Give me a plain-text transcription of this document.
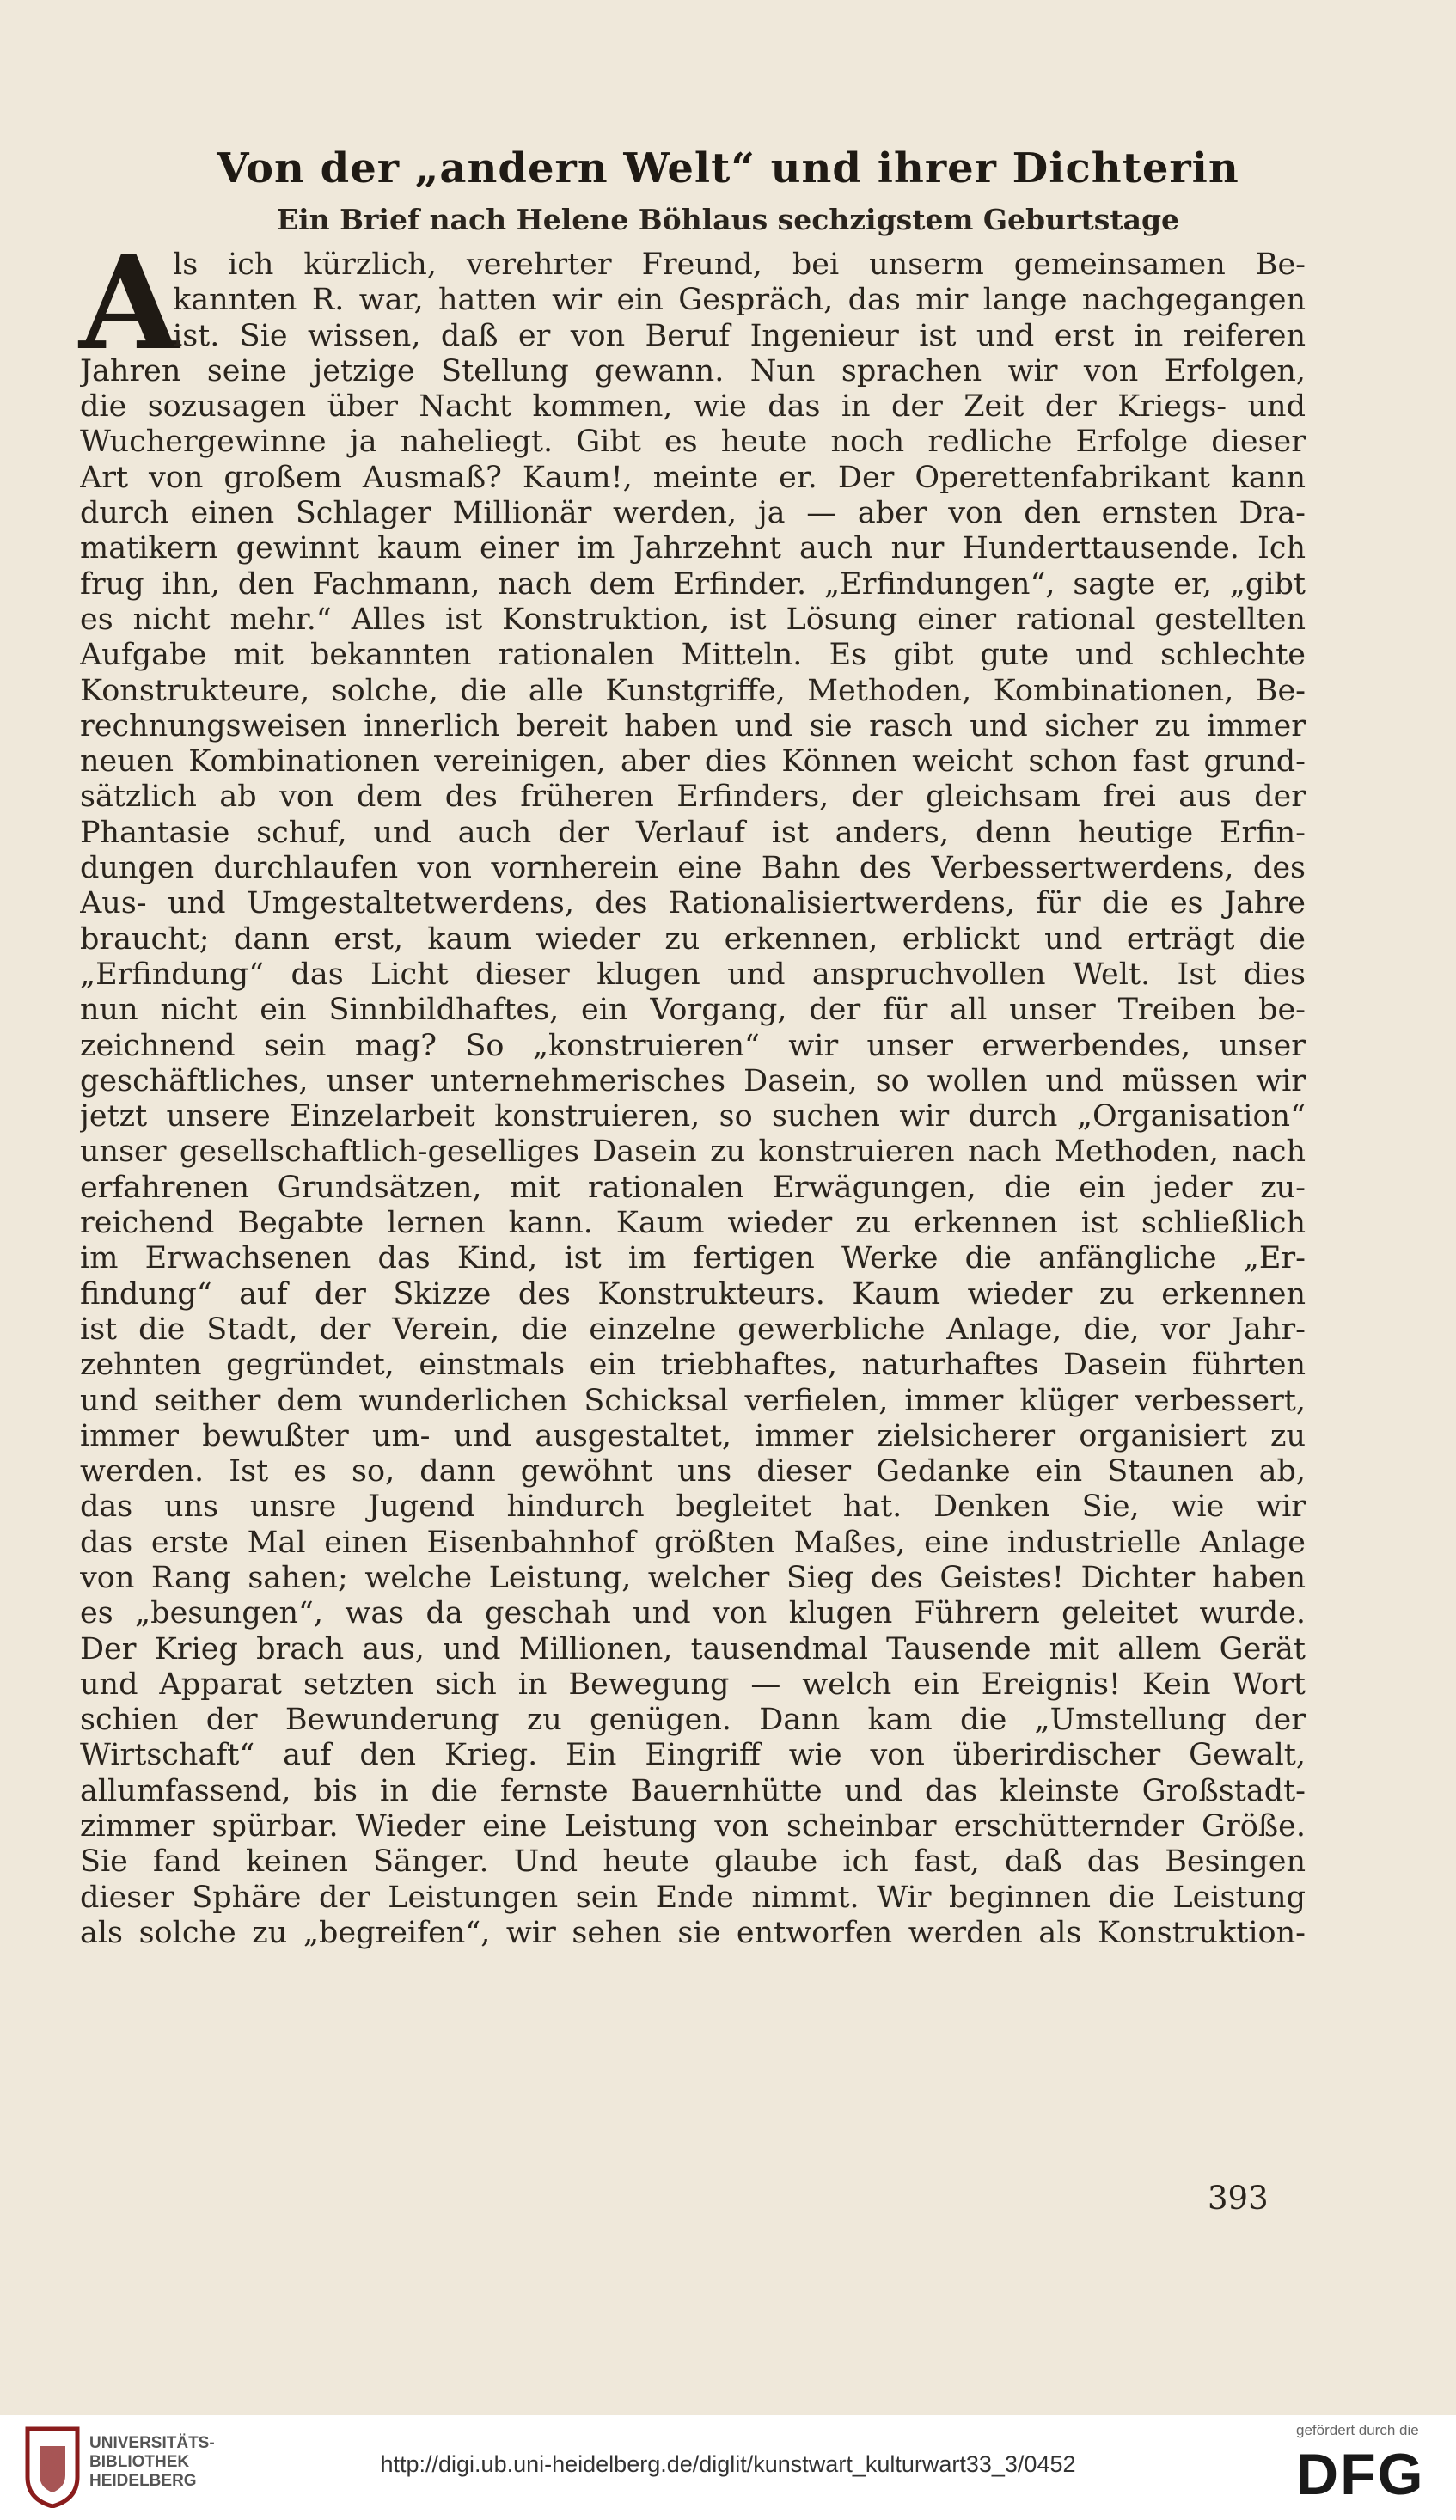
Von der „andern Welt“ und ihrer Dichterin
Ein Brief nach Helene Böhlaus sechzigstem Geburtstage
A
ls ich kürzlich, verehrter Freund, bei unserm gemeinsamen Be-
kannten R. war, hatten wir ein Gespräch, das mir lange nachgegangen
ist. Sie wissen, daß er von Beruf Ingenieur ist und erst in reiferen
Jahren seine jetzige Stellung gewann. Nun sprachen wir von Erfolgen,
die sozusagen über Nacht kommen, wie das in der Zeit der Kriegs- und
Wuchergewinne ja naheliegt. Gibt es heute noch redliche Erfolge dieser
Art von großem Ausmaß? Kaum!, meinte er. Der Operettenfabrikant kann
durch einen Schlager Millionär werden, ja — aber von den ernsten Dra-
matikern gewinnt kaum einer im Jahrzehnt auch nur Hunderttausende. Ich
frug ihn, den Fachmann, nach dem Erfinder. „Erfindungen“, sagte er, „gibt
es nicht mehr.“ Alles ist Konstruktion, ist Lösung einer rational gestellten
Aufgabe mit bekannten rationalen Mitteln. Es gibt gute und schlechte
Konstrukteure, solche, die alle Kunstgriffe, Methoden, Kombinationen, Be-
rechnungsweisen innerlich bereit haben und sie rasch und sicher zu immer
neuen Kombinationen vereinigen, aber dies Können weicht schon fast grund-
sätzlich ab von dem des früheren Erfinders, der gleichsam frei aus der
Phantasie schuf, und auch der Verlauf ist anders, denn heutige Erfin-
dungen durchlaufen von vornherein eine Bahn des Verbessertwerdens, des
Aus- und Umgestaltetwerdens, des Rationalisiertwerdens, für die es Jahre
braucht; dann erst, kaum wieder zu erkennen, erblickt und erträgt die
„Erfindung“ das Licht dieser klugen und anspruchvollen Welt. Ist dies
nun nicht ein Sinnbildhaftes, ein Vorgang, der für all unser Treiben be-
zeichnend sein mag? So „konstruieren“ wir unser erwerbendes, unser
geschäftliches, unser unternehmerisches Dasein, so wollen und müssen wir
jetzt unsere Einzelarbeit konstruieren, so suchen wir durch „Organisation“
unser gesellschaftlich-geselliges Dasein zu konstruieren nach Methoden, nach
erfahrenen Grundsätzen, mit rationalen Erwägungen, die ein jeder zu-
reichend Begabte lernen kann. Kaum wieder zu erkennen ist schließlich
im Erwachsenen das Kind, ist im fertigen Werke die anfängliche „Er-
findung“ auf der Skizze des Konstrukteurs. Kaum wieder zu erkennen
ist die Stadt, der Verein, die einzelne gewerbliche Anlage, die, vor Jahr-
zehnten gegründet, einstmals ein triebhaftes, naturhaftes Dasein führten
und seither dem wunderlichen Schicksal verfielen, immer klüger verbessert,
immer bewußter um- und ausgestaltet, immer zielsicherer organisiert zu
werden. Ist es so, dann gewöhnt uns dieser Gedanke ein Staunen ab,
das uns unsre Jugend hindurch begleitet hat. Denken Sie, wie wir
das erste Mal einen Eisenbahnhof größten Maßes, eine industrielle Anlage
von Rang sahen; welche Leistung, welcher Sieg des Geistes! Dichter haben
es „besungen“, was da geschah und von klugen Führern geleitet wurde.
Der Krieg brach aus, und Millionen, tausendmal Tausende mit allem Gerät
und Apparat setzten sich in Bewegung — welch ein Ereignis! Kein Wort
schien der Bewunderung zu genügen. Dann kam die „Umstellung der
Wirtschaft“ auf den Krieg. Ein Eingriff wie von überirdischer Gewalt,
allumfassend, bis in die fernste Bauernhütte und das kleinste Großstadt-
zimmer spürbar. Wieder eine Leistung von scheinbar erschütternder Größe.
Sie fand keinen Sänger. Und heute glaube ich fast, daß das Besingen
dieser Sphäre der Leistungen sein Ende nimmt. Wir beginnen die Leistung
als solche zu „begreifen“, wir sehen sie entworfen werden als Konstruktion-
393
UNIVERSITÄTS-
BIBLIOTHEK
HEIDELBERG
http://digi.ub.uni-heidelberg.de/diglit/kunstwart_kulturwart33_3/0452
gefördert durch die
DFG
